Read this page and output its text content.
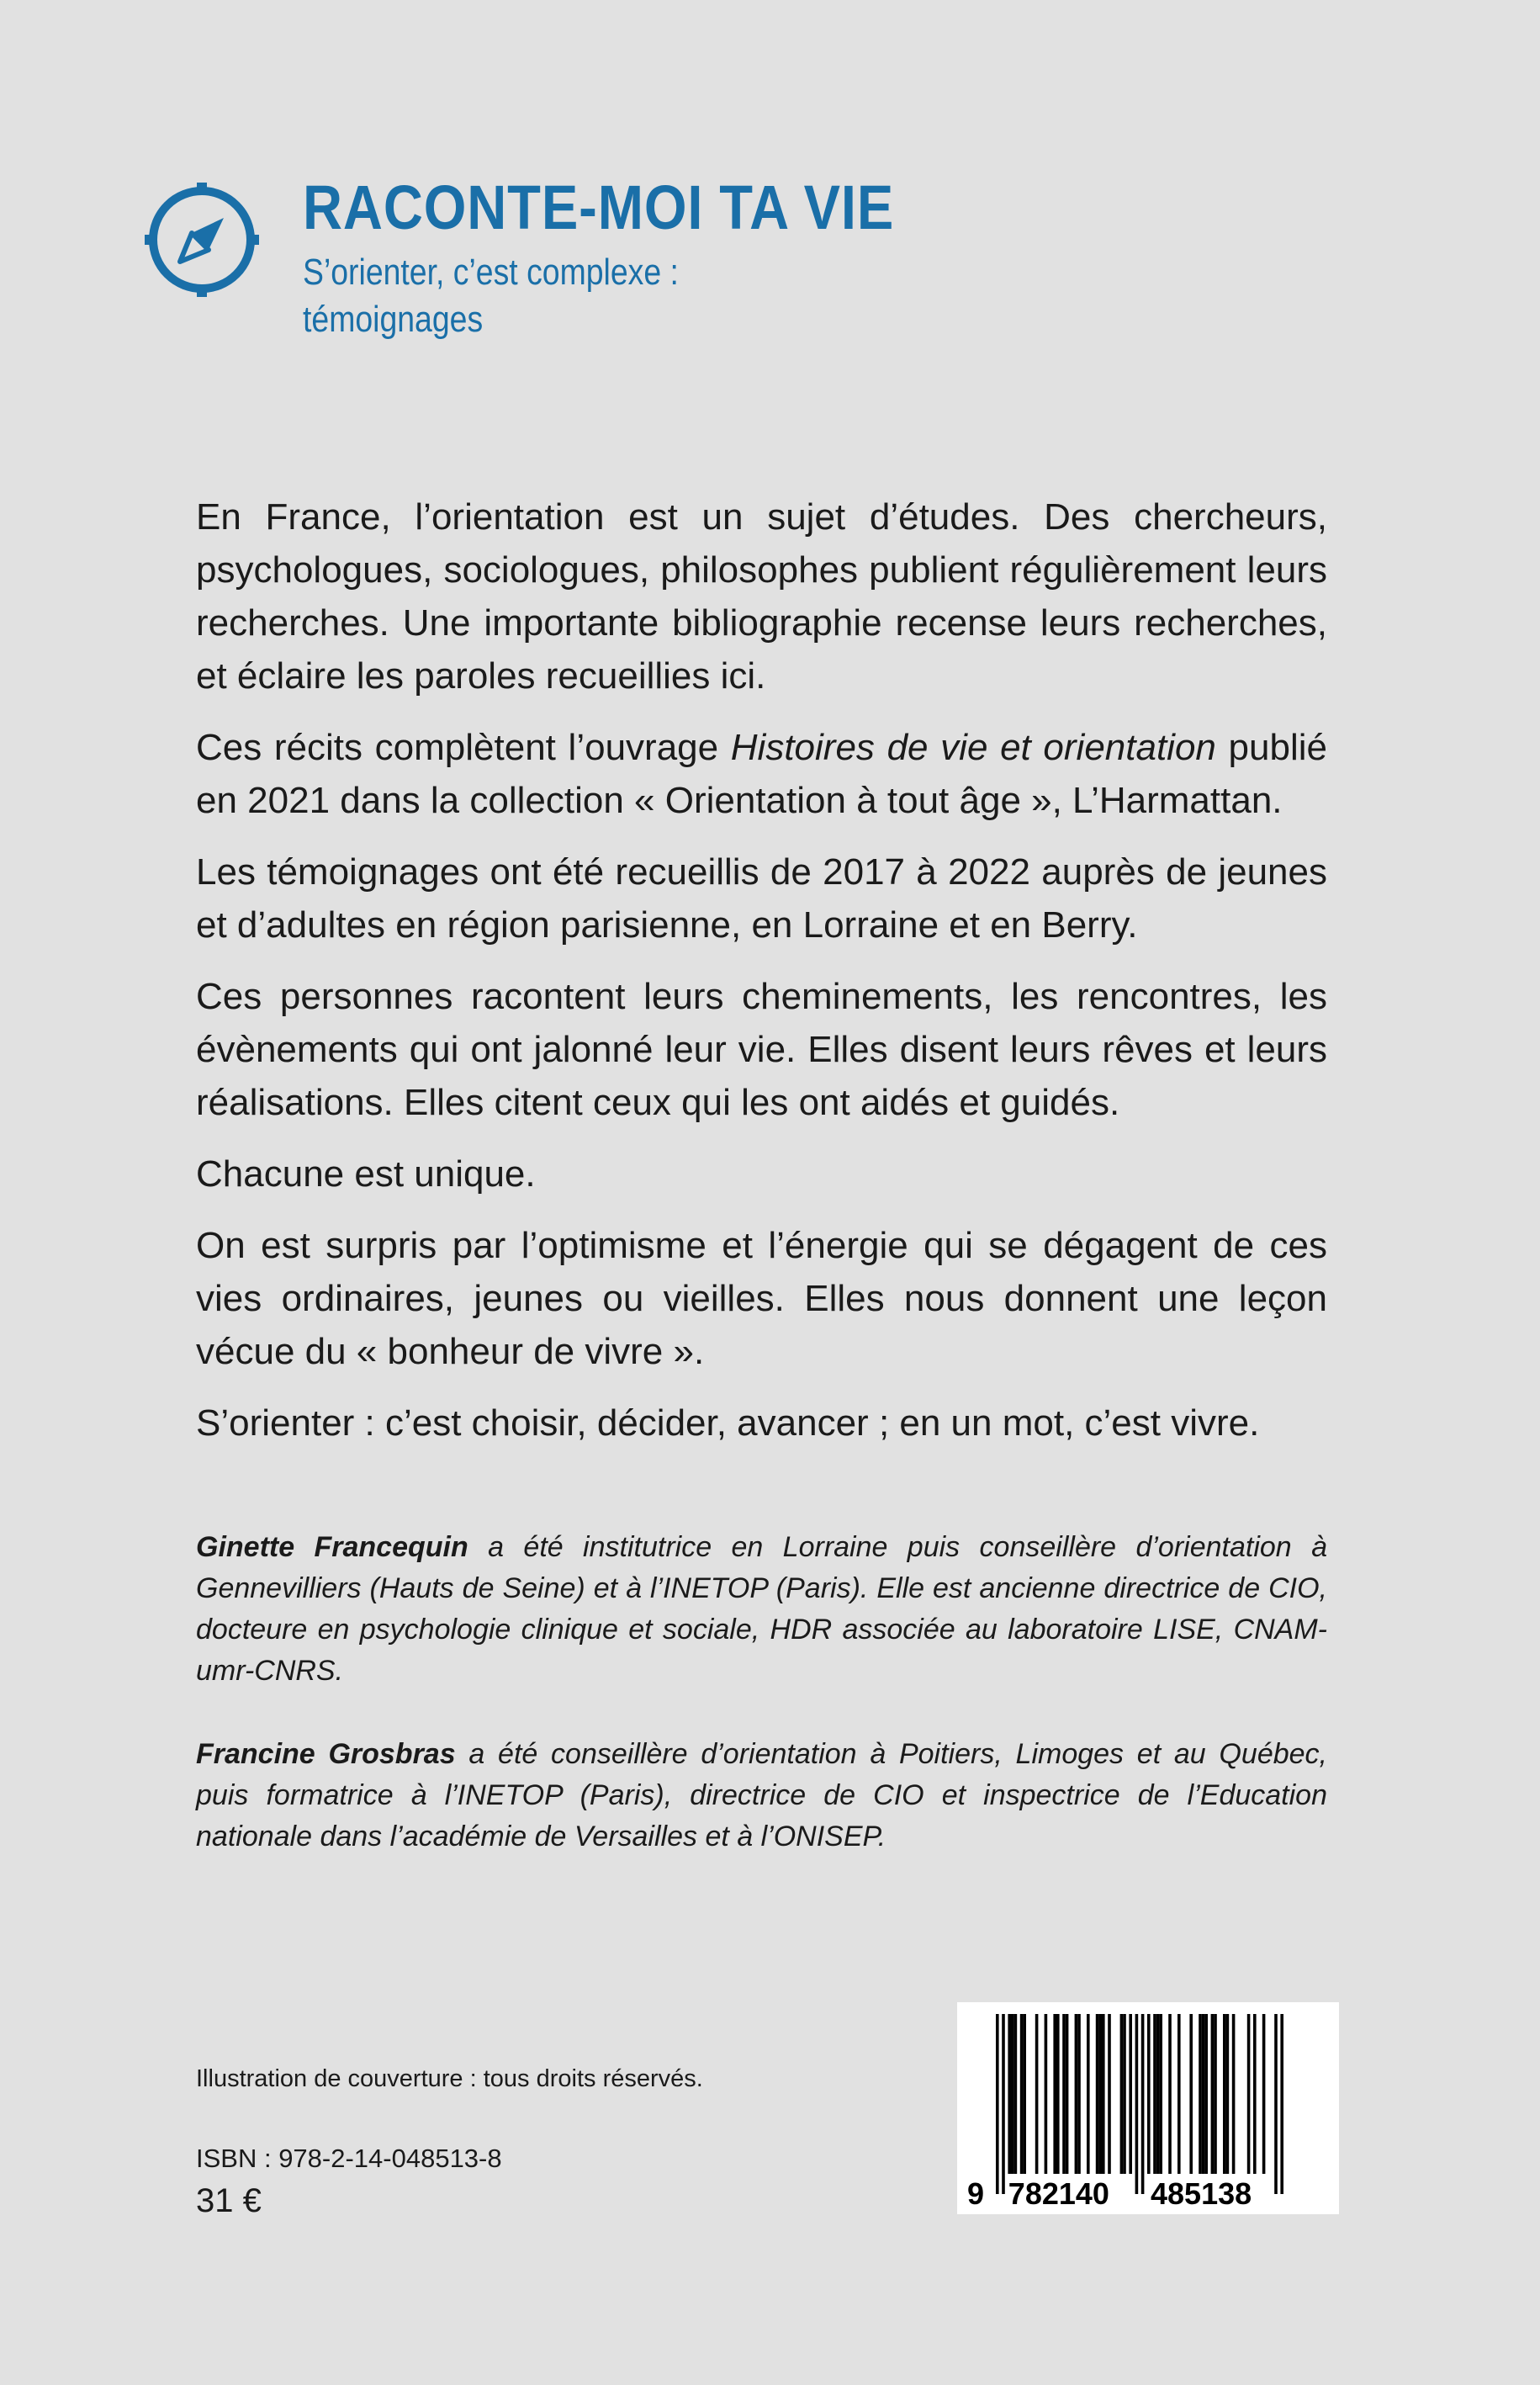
RACONTE-MOI TA VIE
S’orienter, c’est complexe :
témoignages

En France, l’orientation est un sujet d’études. Des chercheurs, psychologues, sociologues, philosophes publient régulièrement leurs recherches. Une importante bibliographie recense leurs recherches, et éclaire les paroles recueillies ici.

Ces récits complètent l’ouvrage Histoires de vie et orientation publié en 2021 dans la collection « Orientation à tout âge », L’Harmattan.

Les témoignages ont été recueillis de 2017 à 2022 auprès de jeunes et d’adultes en région parisienne, en Lorraine et en Berry.

Ces personnes racontent leurs cheminements, les rencontres, les évènements qui ont jalonné leur vie. Elles disent leurs rêves et leurs réalisations. Elles citent ceux qui les ont aidés et guidés.

Chacune est unique.

On est surpris par l’optimisme et l’énergie qui se dégagent de ces vies ordinaires, jeunes ou vieilles. Elles nous donnent une leçon vécue du « bonheur de vivre ».

S’orienter : c’est choisir, décider, avancer ; en un mot, c’est vivre.

Ginette Francequin a été institutrice en Lorraine puis conseillère d’orientation à Gennevilliers (Hauts de Seine) et à l’INETOP (Paris). Elle est ancienne directrice de CIO, docteure en psychologie clinique et sociale, HDR associée au laboratoire LISE, CNAM-umr-CNRS.

Francine Grosbras a été conseillère d’orientation à Poitiers, Limoges et au Québec, puis formatrice à l’INETOP (Paris), directrice de CIO et inspectrice de l’Education nationale dans l’académie de Versailles et à l’ONISEP.

Illustration de couverture : tous droits réservés.
ISBN : 978-2-14-048513-8
31 €	9 782140 485138
